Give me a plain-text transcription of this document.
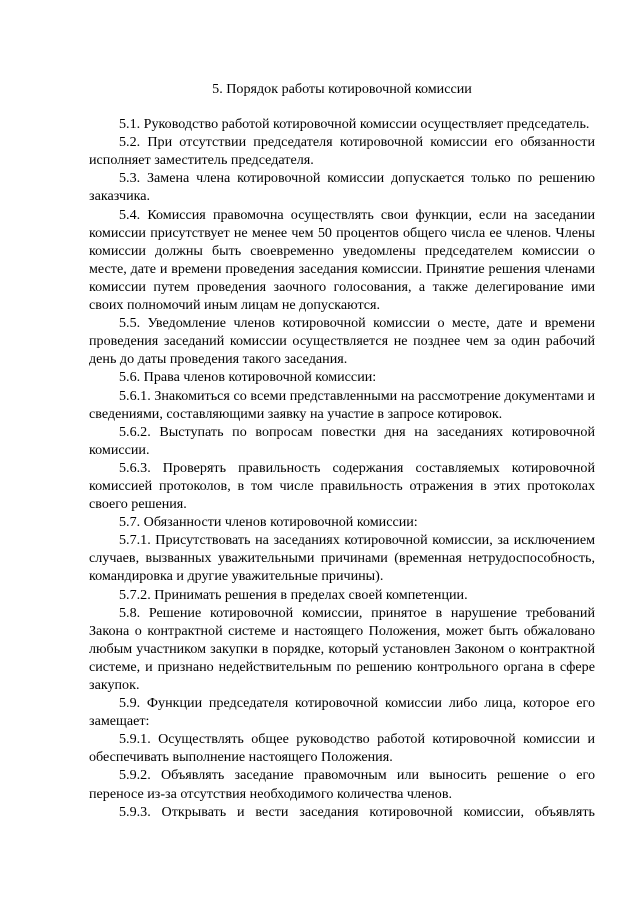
5. Порядок работы котировочной комиссии

5.1. Руководство работой котировочной комиссии осуществляет председатель.

5.2. При отсутствии председателя котировочной комиссии его обязанности исполняет заместитель председателя.

5.3. Замена члена котировочной комиссии допускается только по решению заказчика.

5.4. Комиссия правомочна осуществлять свои функции, если на заседании комиссии присутствует не менее чем 50 процентов общего числа ее членов. Члены комиссии должны быть своевременно уведомлены председателем комиссии о месте, дате и времени проведения заседания комиссии. Принятие решения членами комиссии путем проведения заочного голосования, а также делегирование ими своих полномочий иным лицам не допускаются.

5.5. Уведомление членов котировочной комиссии о месте, дате и времени проведения заседаний комиссии осуществляется не позднее чем за один рабочий день до даты проведения такого заседания.

5.6. Права членов котировочной комиссии:

5.6.1. Знакомиться со всеми представленными на рассмотрение документами и сведениями, составляющими заявку на участие в запросе котировок.

5.6.2. Выступать по вопросам повестки дня на заседаниях котировочной комиссии.

5.6.3. Проверять правильность содержания составляемых котировочной комиссией протоколов, в том числе правильность отражения в этих протоколах своего решения.

5.7. Обязанности членов котировочной комиссии:

5.7.1. Присутствовать на заседаниях котировочной комиссии, за исключением случаев, вызванных уважительными причинами (временная нетрудоспособность, командировка и другие уважительные причины).

5.7.2. Принимать решения в пределах своей компетенции.

5.8. Решение котировочной комиссии, принятое в нарушение требований Закона о контрактной системе и настоящего Положения, может быть обжаловано любым участником закупки в порядке, который установлен Законом о контрактной системе, и признано недействительным по решению контрольного органа в сфере закупок.

5.9. Функции председателя котировочной комиссии либо лица, которое его замещает:

5.9.1. Осуществлять общее руководство работой котировочной комиссии и обеспечивать выполнение настоящего Положения.

5.9.2. Объявлять заседание правомочным или выносить решение о его переносе из-за отсутствия необходимого количества членов.

5.9.3. Открывать и вести заседания котировочной комиссии, объявлять
